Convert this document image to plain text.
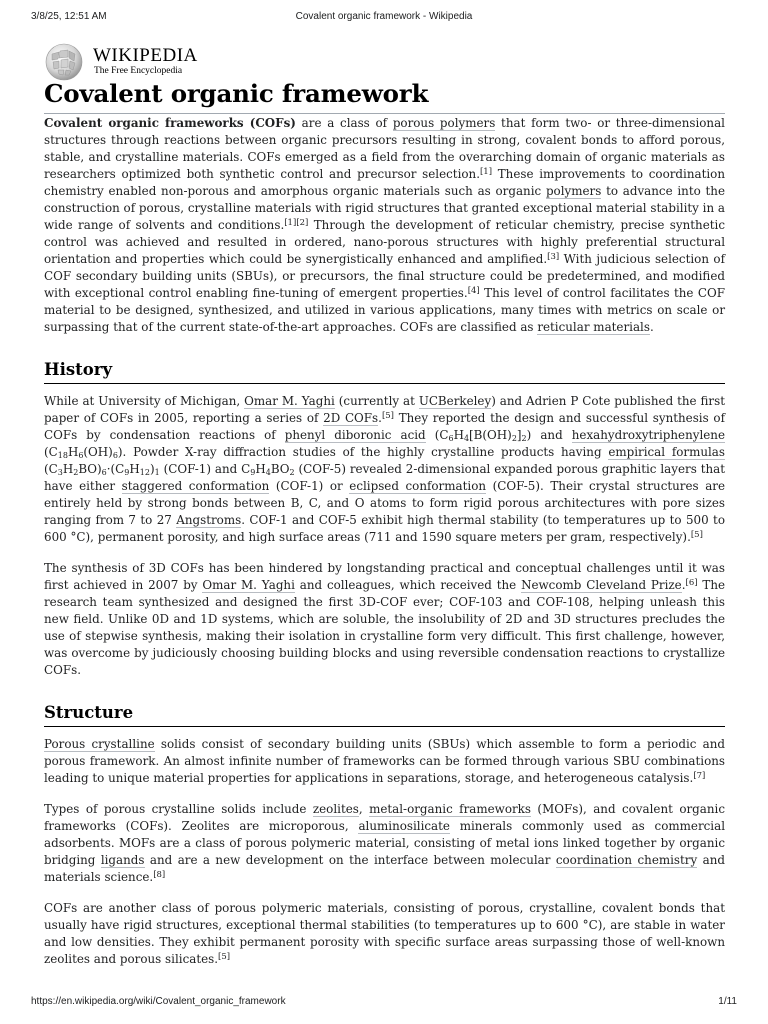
3/8/25, 12:51 AM	Covalent organic framework - Wikipedia
WIKIPEDIA
The Free Encyclopedia
Covalent organic framework

Covalent organic frameworks (COFs) are a class of porous polymers that form two- or three-dimensional structures through reactions between organic precursors resulting in strong, covalent bonds to afford porous, stable, and crystalline materials. COFs emerged as a field from the overarching domain of organic materials as researchers optimized both synthetic control and precursor selection.[1] These improvements to coordination chemistry enabled non-porous and amorphous organic materials such as organic polymers to advance into the construction of porous, crystalline materials with rigid structures that granted exceptional material stability in a wide range of solvents and conditions.[1][2] Through the development of reticular chemistry, precise synthetic control was achieved and resulted in ordered, nano-porous structures with highly preferential structural orientation and properties which could be synergistically enhanced and amplified.[3] With judicious selection of COF secondary building units (SBUs), or precursors, the final structure could be predetermined, and modified with exceptional control enabling fine-tuning of emergent properties.[4] This level of control facilitates the COF material to be designed, synthesized, and utilized in various applications, many times with metrics on scale or surpassing that of the current state-of-the-art approaches. COFs are classified as reticular materials.

History

While at University of Michigan, Omar M. Yaghi (currently at UCBerkeley) and Adrien P Cote published the first paper of COFs in 2005, reporting a series of 2D COFs.[5] They reported the design and successful synthesis of COFs by condensation reactions of phenyl diboronic acid $(C_6H_4[B(OH)_2]_2)$ and hexahydroxytriphenylene $(C_{18}H_6(OH)_6)$. Powder X-ray diffraction studies of the highly crystalline products having empirical formulas $(C_3H_2BO)_6\cdot(C_9H_{12})_1$ (COF-1) and $C_9H_4BO_2$ (COF-5) revealed 2-dimensional expanded porous graphitic layers that have either staggered conformation (COF-1) or eclipsed conformation (COF-5). Their crystal structures are entirely held by strong bonds between B, C, and O atoms to form rigid porous architectures with pore sizes ranging from 7 to 27 Angstroms. COF-1 and COF-5 exhibit high thermal stability (to temperatures up to 500 to 600 °C), permanent porosity, and high surface areas (711 and 1590 square meters per gram, respectively).[5]

The synthesis of 3D COFs has been hindered by longstanding practical and conceptual challenges until it was first achieved in 2007 by Omar M. Yaghi and colleagues, which received the Newcomb Cleveland Prize.[6] The research team synthesized and designed the first 3D-COF ever; COF-103 and COF-108, helping unleash this new field. Unlike 0D and 1D systems, which are soluble, the insolubility of 2D and 3D structures precludes the use of stepwise synthesis, making their isolation in crystalline form very difficult. This first challenge, however, was overcome by judiciously choosing building blocks and using reversible condensation reactions to crystallize COFs.

Structure

Porous crystalline solids consist of secondary building units (SBUs) which assemble to form a periodic and porous framework. An almost infinite number of frameworks can be formed through various SBU combinations leading to unique material properties for applications in separations, storage, and heterogeneous catalysis.[7]

Types of porous crystalline solids include zeolites, metal-organic frameworks (MOFs), and covalent organic frameworks (COFs). Zeolites are microporous, aluminosilicate minerals commonly used as commercial adsorbents. MOFs are a class of porous polymeric material, consisting of metal ions linked together by organic bridging ligands and are a new development on the interface between molecular coordination chemistry and materials science.[8]

COFs are another class of porous polymeric materials, consisting of porous, crystalline, covalent bonds that usually have rigid structures, exceptional thermal stabilities (to temperatures up to 600 °C), are stable in water and low densities. They exhibit permanent porosity with specific surface areas surpassing those of well-known zeolites and porous silicates.[5]

https://en.wikipedia.org/wiki/Covalent_organic_framework	1/11
